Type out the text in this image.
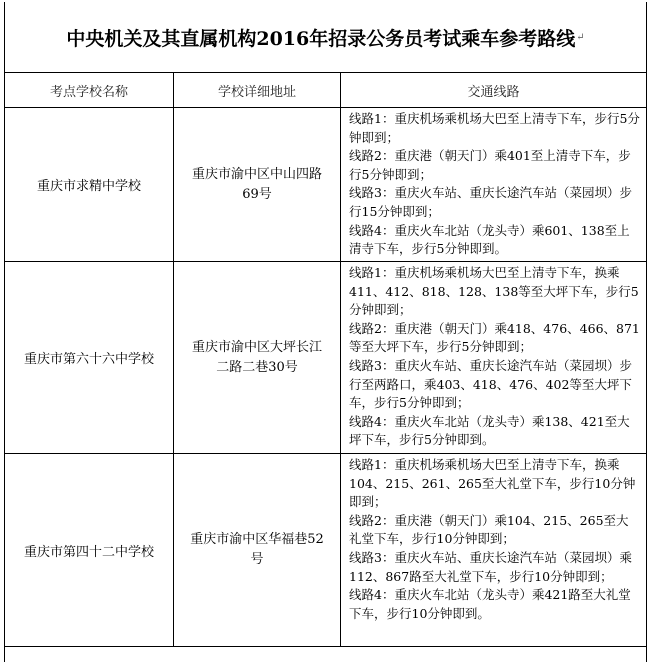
中央机关及其直属机构2016年招录公务员考试乘车参考路线 ↵
考点学校名称	学校详细地址	交通线路
重庆市求精中学校
重庆市渝中区中山四路69号
线路1：重庆机场乘机场大巴至上清寺下车，步行5分钟即到；
线路2：重庆港（朝天门）乘401至上清寺下车，步行5分钟即到；
线路3：重庆火车站、重庆长途汽车站（菜园坝）步行15分钟即到；
线路4：重庆火车北站（龙头寺）乘601、138至上清寺下车，步行5分钟即到。
重庆市第六十六中学校
重庆市渝中区大坪长江二路二巷30号
线路1：重庆机场乘机场大巴至上清寺下车，换乘411、412、818、128、138等至大坪下车，步行5分钟即到；
线路2：重庆港（朝天门）乘418、476、466、871等至大坪下车，步行5分钟即到；
线路3：重庆火车站、重庆长途汽车站（菜园坝）步行至两路口，乘403、418、476、402等至大坪下车，步行5分钟即到；
线路4：重庆火车北站（龙头寺）乘138、421至大坪下车，步行5分钟即到。
重庆市第四十二中学校
重庆市渝中区华福巷52号
线路1：重庆机场乘机场大巴至上清寺下车，换乘104、215、261、265至大礼堂下车，步行10分钟即到；
线路2：重庆港（朝天门）乘104、215、265至大礼堂下车，步行10分钟即到；
线路3：重庆火车站、重庆长途汽车站（菜园坝）乘112、867路至大礼堂下车，步行10分钟即到；
线路4：重庆火车北站（龙头寺）乘421路至大礼堂下车，步行10分钟即到。
